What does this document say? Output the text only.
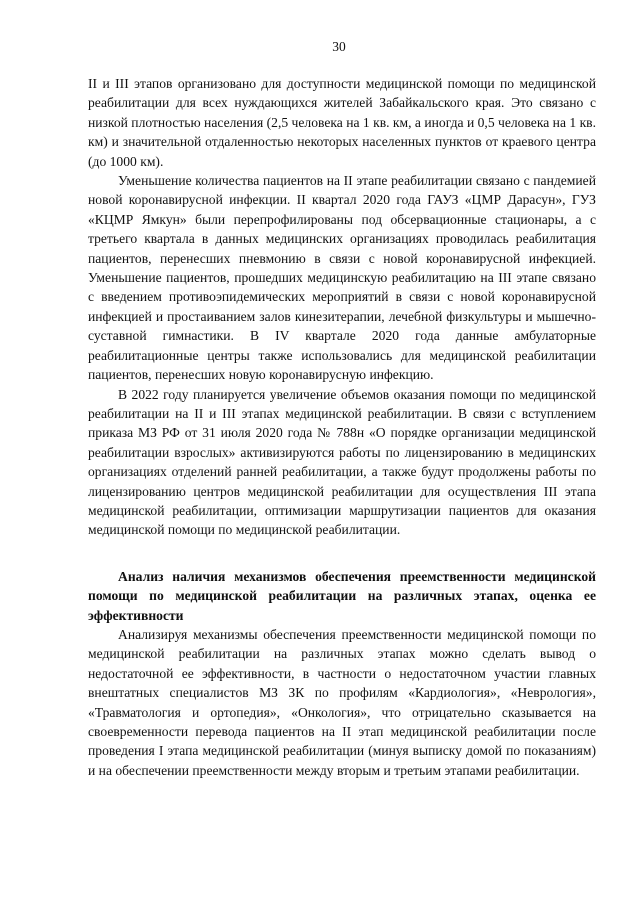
30

II и III этапов организовано для доступности медицинской помощи по медицинской реабилитации для всех нуждающихся жителей Забайкальского края. Это связано с низкой плотностью населения (2,5 человека на 1 кв. км, а иногда и 0,5 человека на 1 кв. км) и значительной отдаленностью некоторых населенных пунктов от краевого центра (до 1000 км).

Уменьшение количества пациентов на II этапе реабилитации связано с пандемией новой коронавирусной инфекции. II квартал 2020 года ГАУЗ «ЦМР Дарасун», ГУЗ «КЦМР Ямкун» были перепрофилированы под обсервационные стационары, а с третьего квартала в данных медицинских организациях проводилась реабилитация пациентов, перенесших пневмонию в связи с новой коронавирусной инфекцией. Уменьшение пациентов, прошедших медицинскую реабилитацию на III этапе связано с введением противоэпидемических мероприятий в связи с новой коронавирусной инфекцией и простаиванием залов кинезитерапии, лечебной физкультуры и мышечно-суставной гимнастики. В IV квартале 2020 года данные амбулаторные реабилитационные центры также использовались для медицинской реабилитации пациентов, перенесших новую коронавирусную инфекцию.

В 2022 году планируется увеличение объемов оказания помощи по медицинской реабилитации на II и III этапах медицинской реабилитации. В связи с вступлением приказа МЗ РФ от 31 июля 2020 года № 788н «О порядке организации медицинской реабилитации взрослых» активизируются работы по лицензированию в медицинских организациях отделений ранней реабилитации, а также будут продолжены работы по лицензированию центров медицинской реабилитации для осуществления III этапа медицинской реабилитации, оптимизации маршрутизации пациентов для оказания медицинской помощи по медицинской реабилитации.

Анализ наличия механизмов обеспечения преемственности медицинской помощи по медицинской реабилитации на различных этапах, оценка ее эффективности

Анализируя механизмы обеспечения преемственности медицинской помощи по медицинской реабилитации на различных этапах можно сделать вывод о недостаточной ее эффективности, в частности о недостаточном участии главных внештатных специалистов МЗ ЗК по профилям «Кардиология», «Неврология», «Травматология и ортопедия», «Онкология», что отрицательно сказывается на своевременности перевода пациентов на II этап медицинской реабилитации после проведения I этапа медицинской реабилитации (минуя выписку домой по показаниям) и на обеспечении преемственности между вторым и третьим этапами реабилитации.
